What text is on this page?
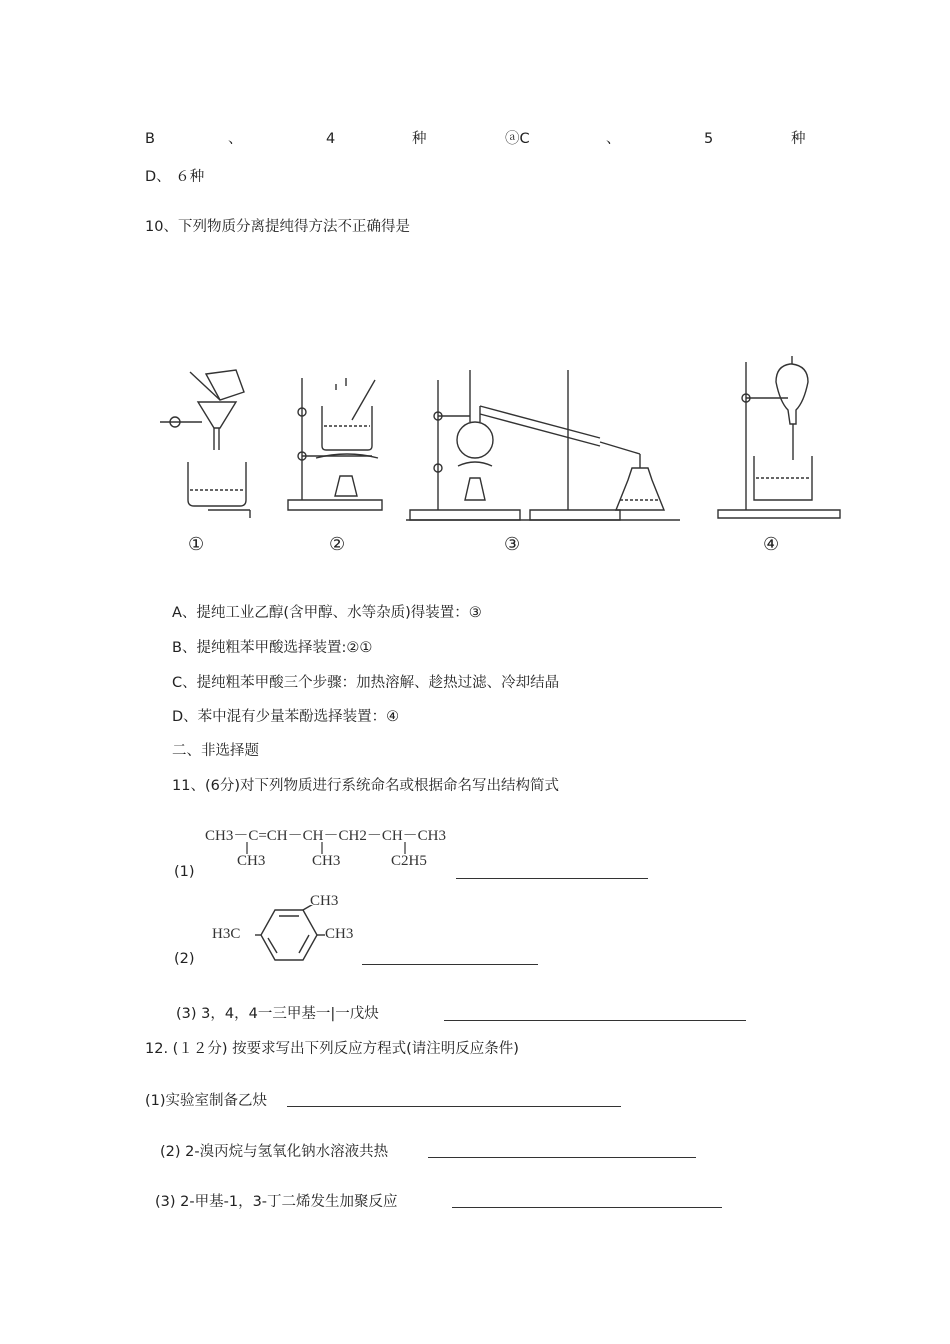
B	、	4	种	ⓐC	、	5	种
D、 ６种
10、下列物质分离提纯得方法不正确得是
①	②	③	④
A、提纯工业乙醇(含甲醇、水等杂质)得装置：③
B、提纯粗苯甲酸选择装置:②①
C、提纯粗苯甲酸三个步骤：加热溶解、趁热过滤、冷却结晶
D、苯中混有少量苯酚选择装置：④
二、非选择题
11、(6分)对下列物质进行系统命名或根据命名写出结构简式
CH3－C=CH－CH－CH2－CH－CH3
CH3	CH3	C2H5
(1)
CH3
H3C	CH3
(2)
(3) 3，4，4一三甲基一|一戊炔
12. (１２分) 按要求写出下列反应方程式(请注明反应条件)
(1)实验室制备乙炔
(2) 2-溴丙烷与氢氧化钠水溶液共热
(3) 2-甲基-1，3-丁二烯发生加聚反应
